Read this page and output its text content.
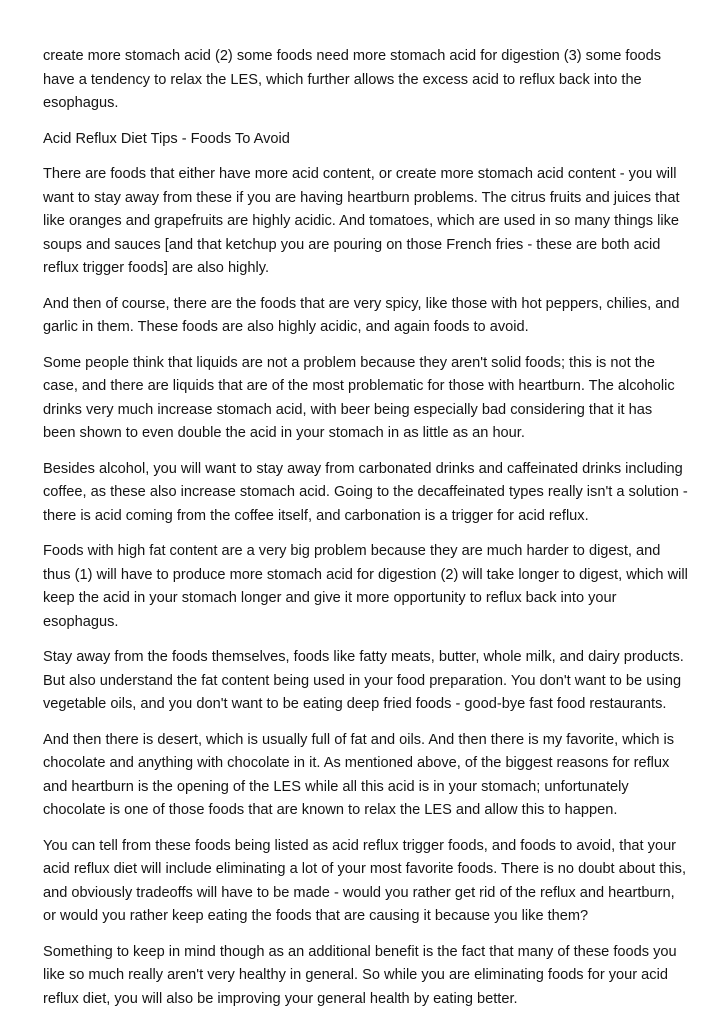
create more stomach acid (2) some foods need more stomach acid for digestion (3) some foods have a tendency to relax the LES, which further allows the excess acid to reflux back into the esophagus.

Acid Reflux Diet Tips - Foods To Avoid

There are foods that either have more acid content, or create more stomach acid content - you will want to stay away from these if you are having heartburn problems. The citrus fruits and juices that like oranges and grapefruits are highly acidic. And tomatoes, which are used in so many things like soups and sauces [and that ketchup you are pouring on those French fries - these are both acid reflux trigger foods] are also highly.

And then of course, there are the foods that are very spicy, like those with hot peppers, chilies, and garlic in them. These foods are also highly acidic, and again foods to avoid.

Some people think that liquids are not a problem because they aren't solid foods; this is not the case, and there are liquids that are of the most problematic for those with heartburn. The alcoholic drinks very much increase stomach acid, with beer being especially bad considering that it has been shown to even double the acid in your stomach in as little as an hour.

Besides alcohol, you will want to stay away from carbonated drinks and caffeinated drinks including coffee, as these also increase stomach acid. Going to the decaffeinated types really isn't a solution - there is acid coming from the coffee itself, and carbonation is a trigger for acid reflux.

Foods with high fat content are a very big problem because they are much harder to digest, and thus (1) will have to produce more stomach acid for digestion (2) will take longer to digest, which will keep the acid in your stomach longer and give it more opportunity to reflux back into your esophagus.

Stay away from the foods themselves, foods like fatty meats, butter, whole milk, and dairy products. But also understand the fat content being used in your food preparation. You don't want to be using vegetable oils, and you don't want to be eating deep fried foods - good-bye fast food restaurants.

And then there is desert, which is usually full of fat and oils. And then there is my favorite, which is chocolate and anything with chocolate in it. As mentioned above, of the biggest reasons for reflux and heartburn is the opening of the LES while all this acid is in your stomach; unfortunately chocolate is one of those foods that are known to relax the LES and allow this to happen.

You can tell from these foods being listed as acid reflux trigger foods, and foods to avoid, that your acid reflux diet will include eliminating a lot of your most favorite foods. There is no doubt about this, and obviously tradeoffs will have to be made - would you rather get rid of the reflux and heartburn, or would you rather keep eating the foods that are causing it because you like them?

Something to keep in mind though as an additional benefit is the fact that many of these foods you like so much really aren't very healthy in general. So while you are eliminating foods for your acid reflux diet, you will also be improving your general health by eating better.
